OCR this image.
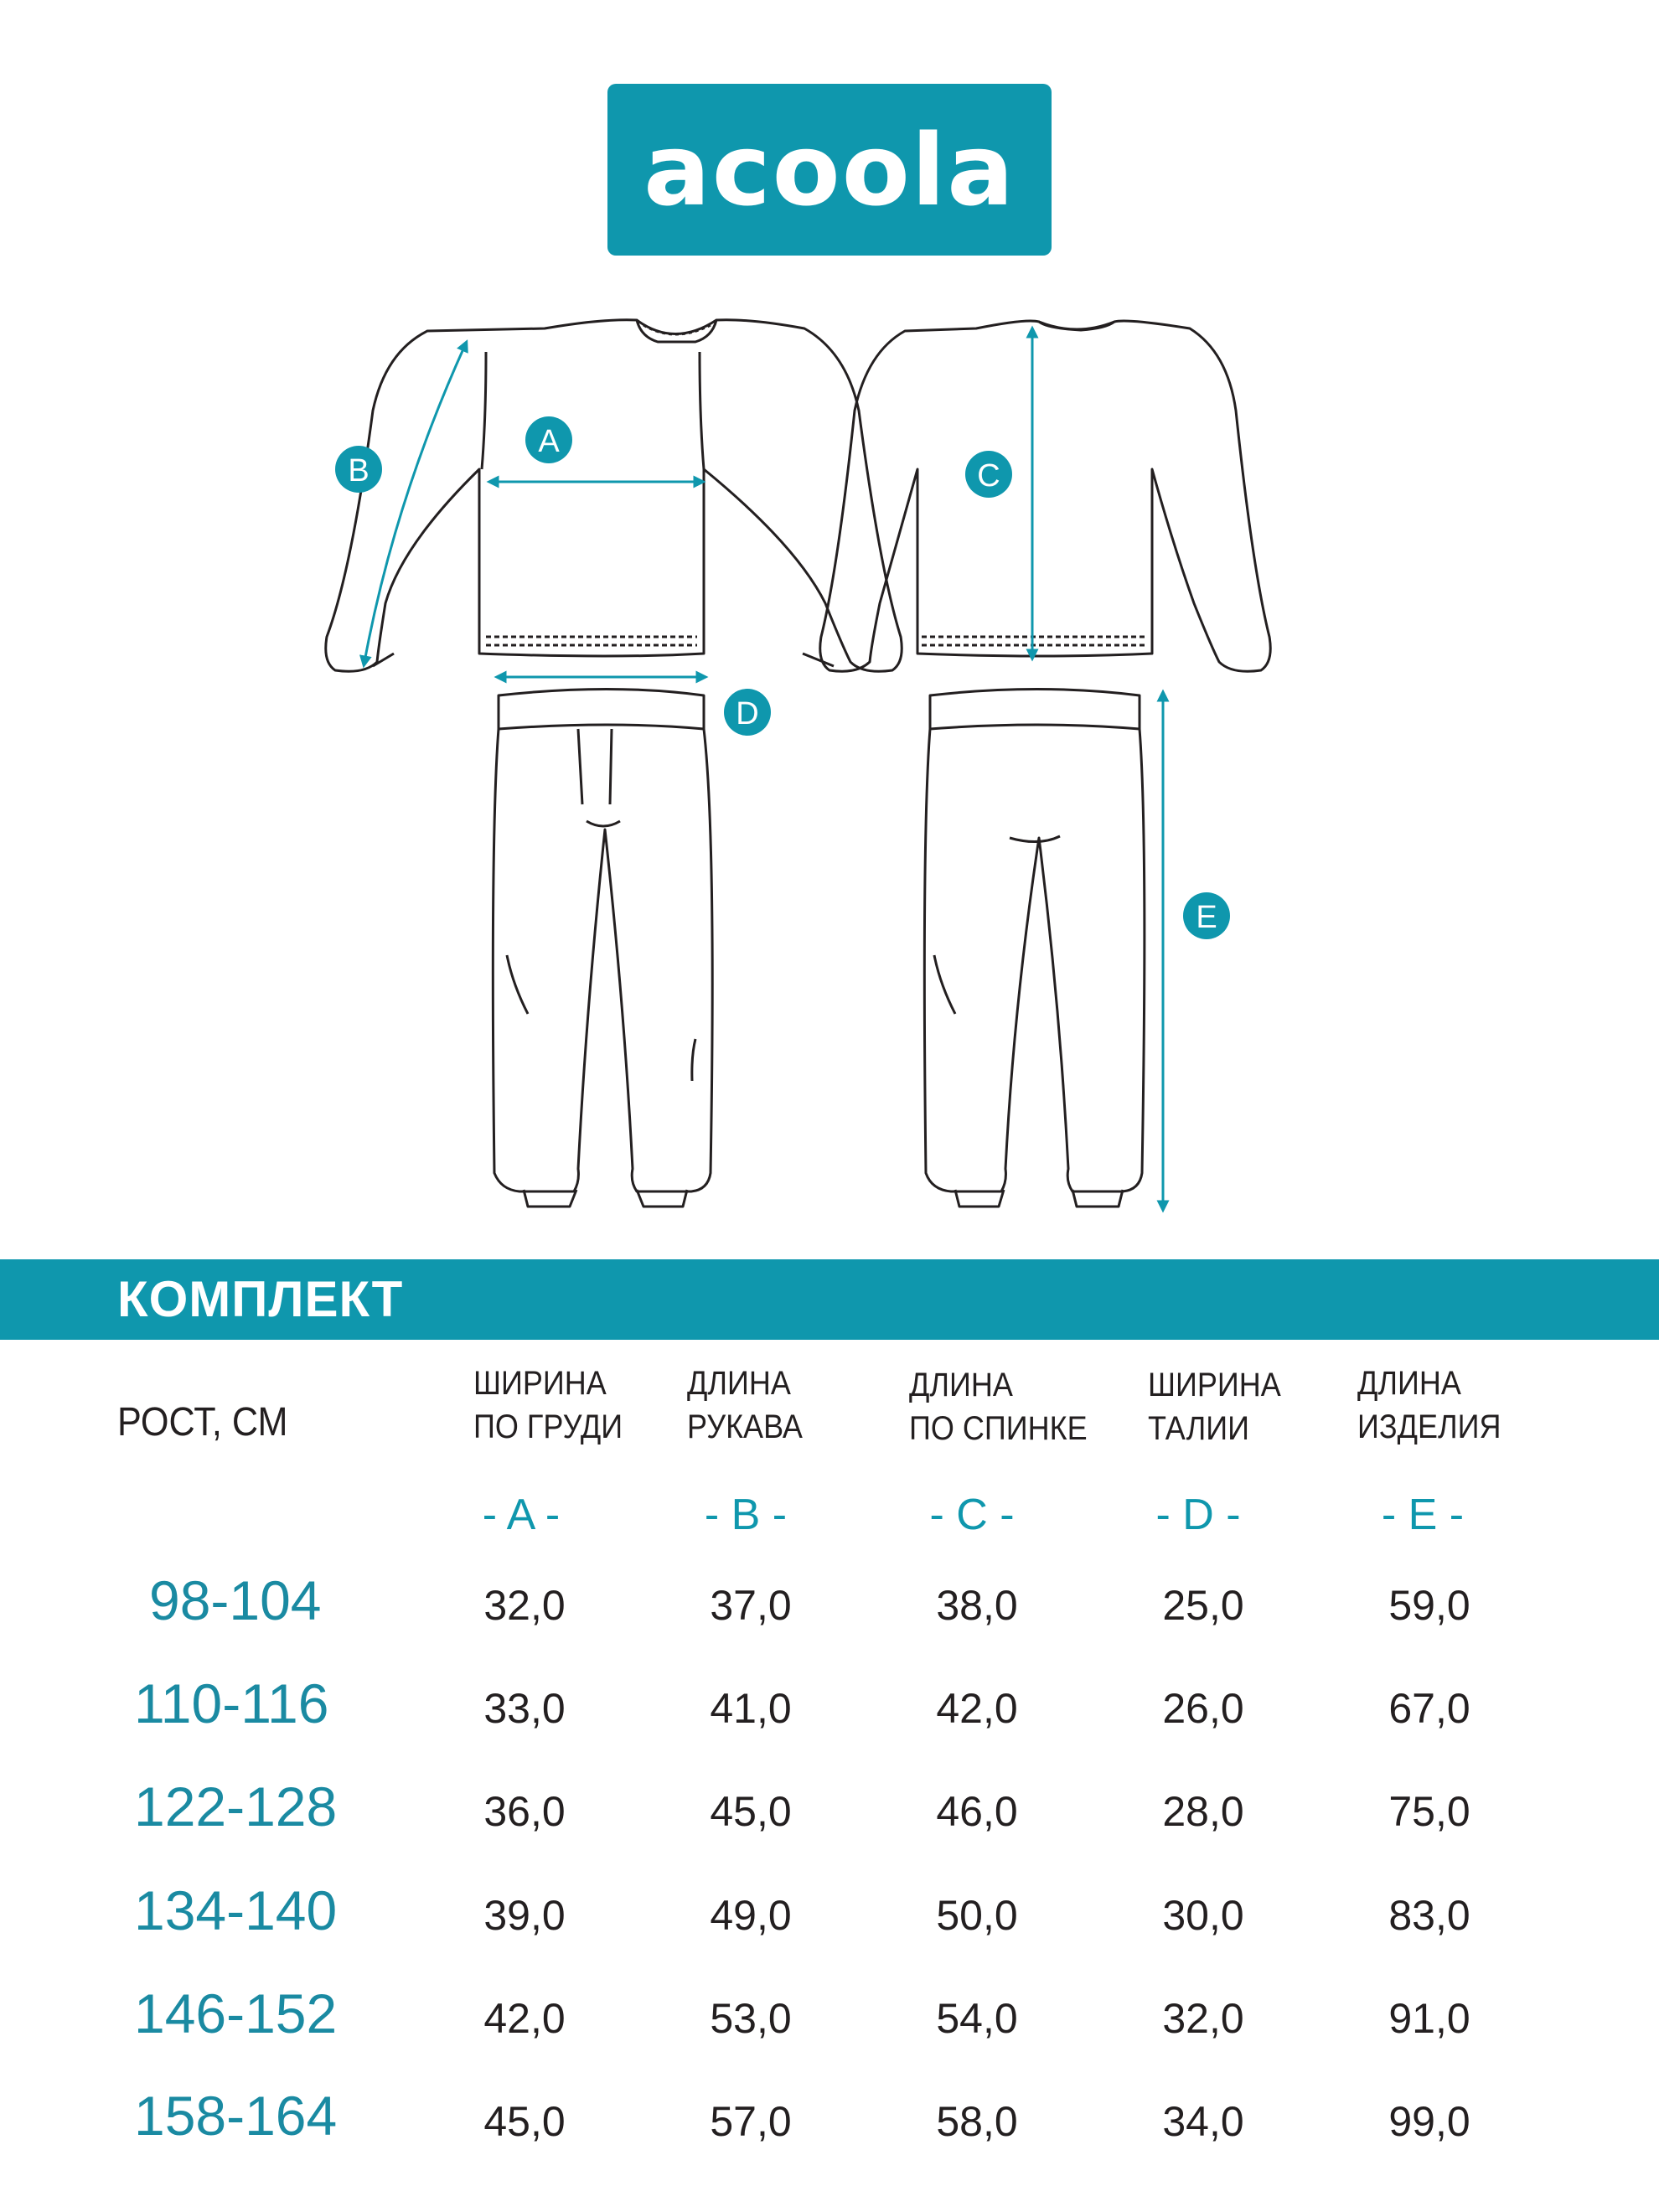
acoola
A
B	C
D
E
КОМПЛЕКТ
РОСТ, СМ
ШИРИНА
ПО ГРУДИ
ДЛИНА
РУКАВА
ДЛИНА
ПО СПИНКЕ
ШИРИНА
ТАЛИИ
ДЛИНА
ИЗДЕЛИЯ
- A -	- B -	- C -	- D -	- E -
98-104	32,0	37,0	38,0	25,0	59,0
110-116	33,0	41,0	42,0	26,0	67,0
122-128	36,0	45,0	46,0	28,0	75,0
134-140	39,0	49,0	50,0	30,0	83,0
146-152	42,0	53,0	54,0	32,0	91,0
158-164	45,0	57,0	58,0	34,0	99,0
